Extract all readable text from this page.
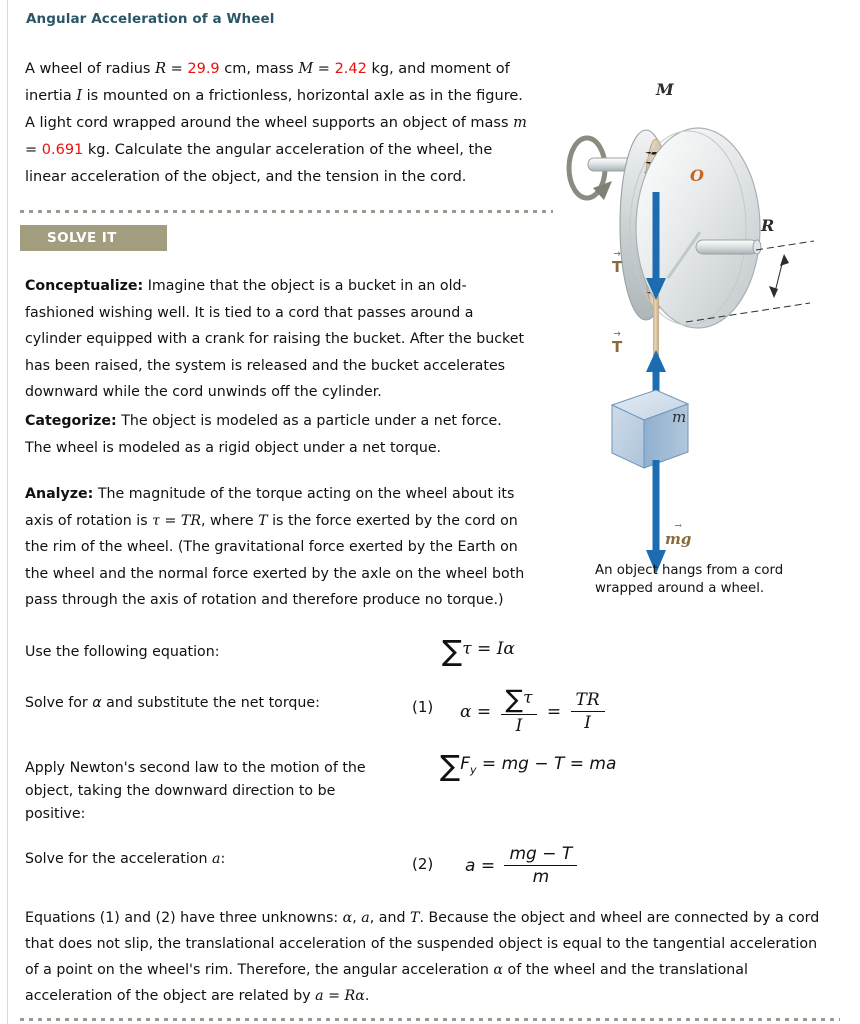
Angular Acceleration of a Wheel
A wheel of radius R = 29.9 cm, mass M = 2.42 kg, and moment of inertia I is mounted on a frictionless, horizontal axle as in the figure. A light cord wrapped around the wheel supports an object of mass m = 0.691 kg. Calculate the angular acceleration of the wheel, the linear acceleration of the object, and the tension in the cord.
SOLVE IT
Conceptualize: Imagine that the object is a bucket in an old-fashioned wishing well. It is tied to a cord that passes around a cylinder equipped with a crank for raising the bucket. After the bucket has been raised, the system is released and the bucket accelerates downward while the cord unwinds off the cylinder.
Categorize: The object is modeled as a particle under a net force. The wheel is modeled as a rigid object under a net torque.
Analyze: The magnitude of the torque acting on the wheel about its axis of rotation is τ = TR, where T is the force exerted by the cord on the rim of the wheel. (The gravitational force exerted by the Earth on the wheel and the normal force exerted by the axle on the wheel both pass through the axis of rotation and therefore produce no torque.)
Use the following equation:	∑τ = Iα
Solve for α and substitute the net torque:	(1) $\alpha = \frac{\sum\tau}{I} = \frac{TR}{I}$
Apply Newton's second law to the motion of the object, taking the downward direction to be positive:
$\sum F_y$ = mg − T = ma
Solve for the acceleration a:	(2) $a = \frac{mg - T}{m}$
Equations (1) and (2) have three unknowns: α, a, and T. Because the object and wheel are connected by a cord that does not slip, the translational acceleration of the suspended object is equal to the tangential acceleration of a point on the wheel's rim. Therefore, the angular acceleration α of the wheel and the translational acceleration of the object are related by a = Rα.
M
O
R
m
T →
T →
mg →
An object hangs from a cord wrapped around a wheel.
